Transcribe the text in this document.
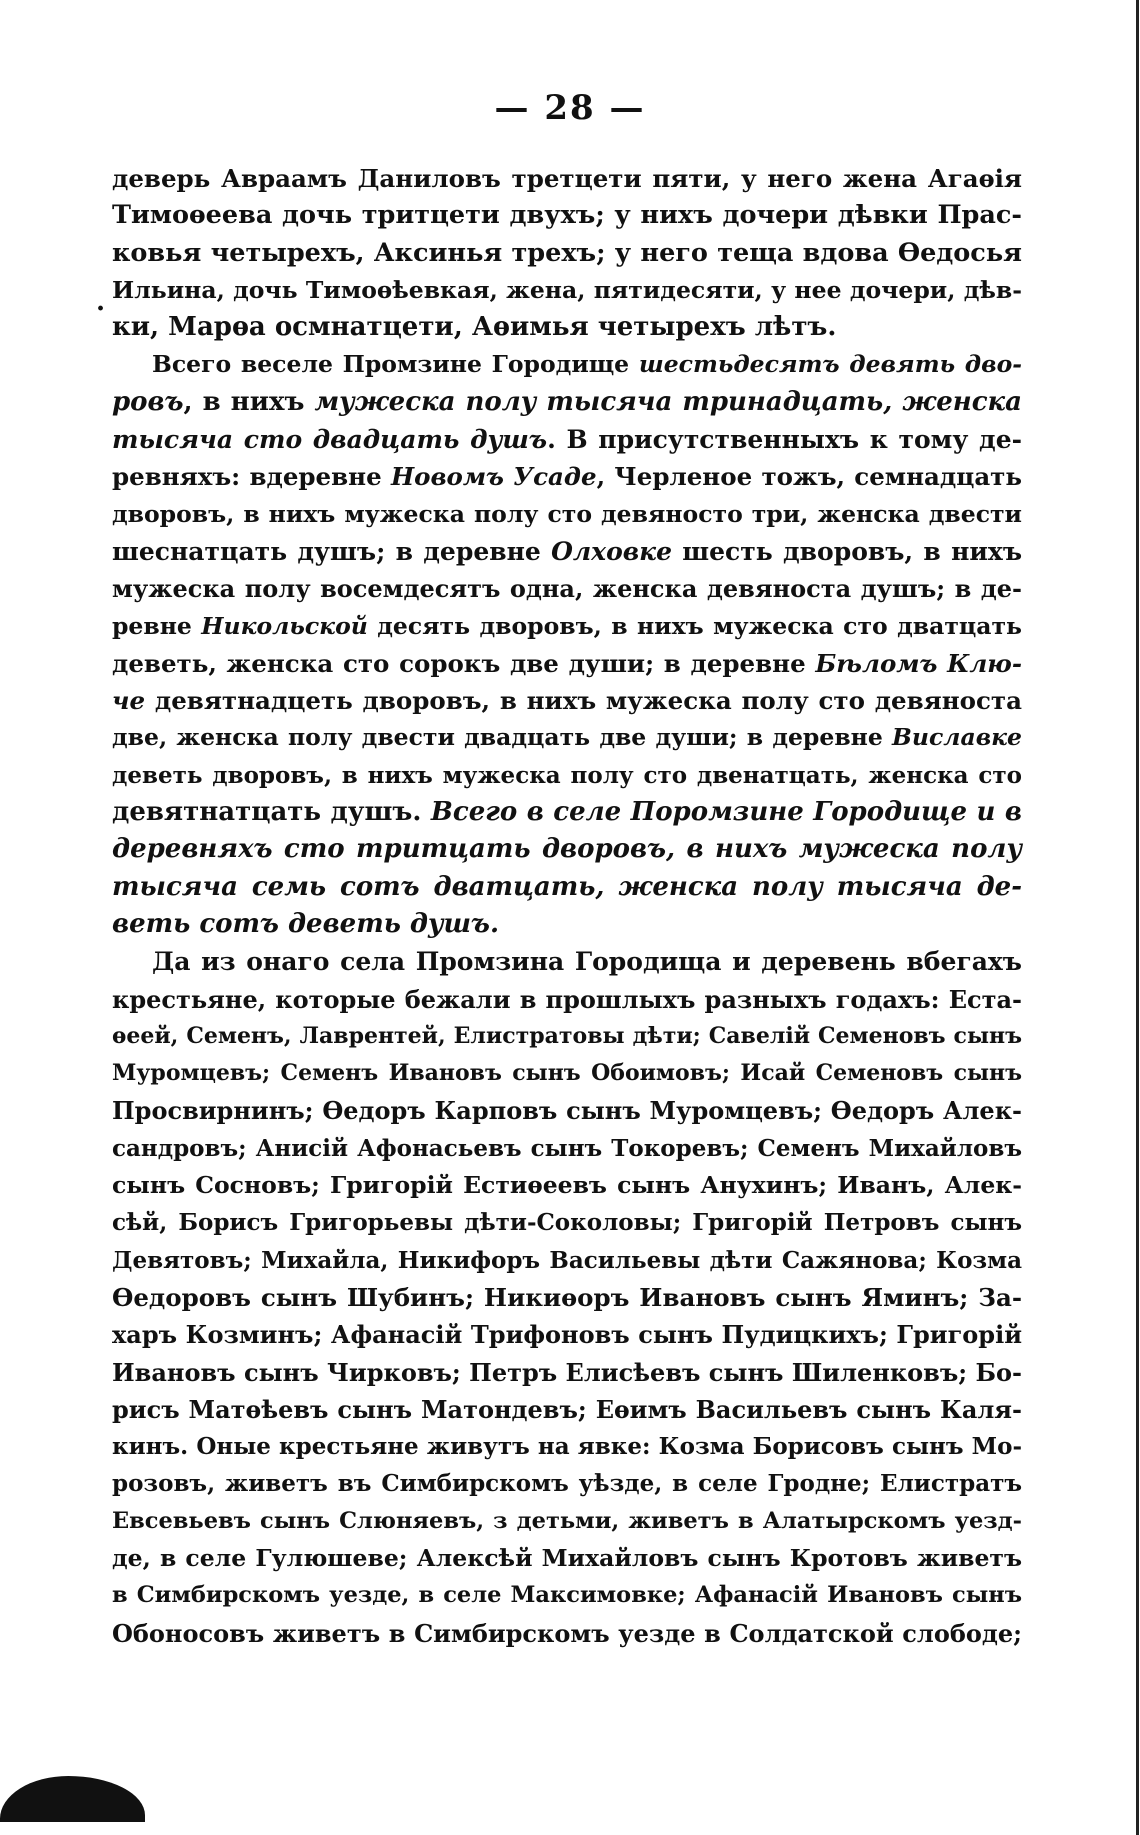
— 28 —
.
деверь Авраамъ Даниловъ третцети пяти, у него жена Агаѳія
Тимоѳеева дочь тритцети двухъ; у нихъ дочери дѣвки Прас-
ковья четырехъ, Аксинья трехъ; у него теща вдова Ѳедосья
Ильина, дочь Тимоѳѣевкая, жена, пятидесяти, у нее дочери, дѣв-
ки, Марѳа осмнатцети, Аѳимья четырехъ лѣтъ.
Всего веселе Промзине Городище шестьдесятъ девять дво-
ровъ, в нихъ мужеска полу тысяча тринадцать, женска
тысяча сто двадцать душъ. В присутственныхъ к тому де-
ревняхъ: вдеревне Новомъ Усаде, Черленое тожъ, семнадцать
дворовъ, в нихъ мужеска полу сто девяносто три, женска двести
шеснатцать душъ; в деревне Олховке шесть дворовъ, в нихъ
мужеска полу восемдесятъ одна, женска девяноста душъ; в де-
ревне Никольской десять дворовъ, в нихъ мужеска сто дватцать
деветь, женска сто сорокъ две души; в деревне Бѣломъ Клю-
че девятнадцеть дворовъ, в нихъ мужеска полу сто девяноста
две, женска полу двести двадцать две души; в деревне Виславке
деветь дворовъ, в нихъ мужеска полу сто двенатцать, женска сто
девятнатцать душъ. Всего в селе Поромзине Городище и в
деревняхъ сто тритцать дворовъ, в нихъ мужеска полу
тысяча семь сотъ дватцать, женска полу тысяча де-
веть сотъ деветь душъ.
Да из онаго села Промзина Городища и деревень вбегахъ
крестьяне, которые бежали в прошлыхъ разныхъ годахъ: Еста-
ѳеей, Семенъ, Лаврентей, Елистратовы дѣти; Савелій Семеновъ сынъ
Муромцевъ; Семенъ Ивановъ сынъ Обоимовъ; Исай Семеновъ сынъ
Просвирнинъ; Ѳедоръ Карповъ сынъ Муромцевъ; Ѳедоръ Алек-
сандровъ; Анисій Афонасьевъ сынъ Токоревъ; Семенъ Михайловъ
сынъ Сосновъ; Григорій Естиѳеевъ сынъ Анухинъ; Иванъ, Алек-
сѣй, Борисъ Григорьевы дѣти-Соколовы; Григорій Петровъ сынъ
Девятовъ; Михайла, Никифоръ Васильевы дѣти Сажянова; Козма
Ѳедоровъ сынъ Шубинъ; Никиѳоръ Ивановъ сынъ Яминъ; За-
харъ Козминъ; Афанасій Трифоновъ сынъ Пудицкихъ; Григорій
Ивановъ сынъ Чирковъ; Петръ Елисѣевъ сынъ Шиленковъ; Бо-
рисъ Матѳѣевъ сынъ Матондевъ; Еѳимъ Васильевъ сынъ Каля-
кинъ. Оные крестьяне живутъ на явке: Козма Борисовъ сынъ Мо-
розовъ, живетъ въ Симбирскомъ уѣзде, в селе Гродне; Елистратъ
Евсевьевъ сынъ Слюняевъ, з детьми, живетъ в Алатырскомъ уезд-
де, в селе Гулюшеве; Алексѣй Михайловъ сынъ Кротовъ живетъ
в Симбирскомъ уезде, в селе Максимовке; Афанасій Ивановъ сынъ
Обоносовъ живетъ в Симбирскомъ уезде в Солдатской слободе;
